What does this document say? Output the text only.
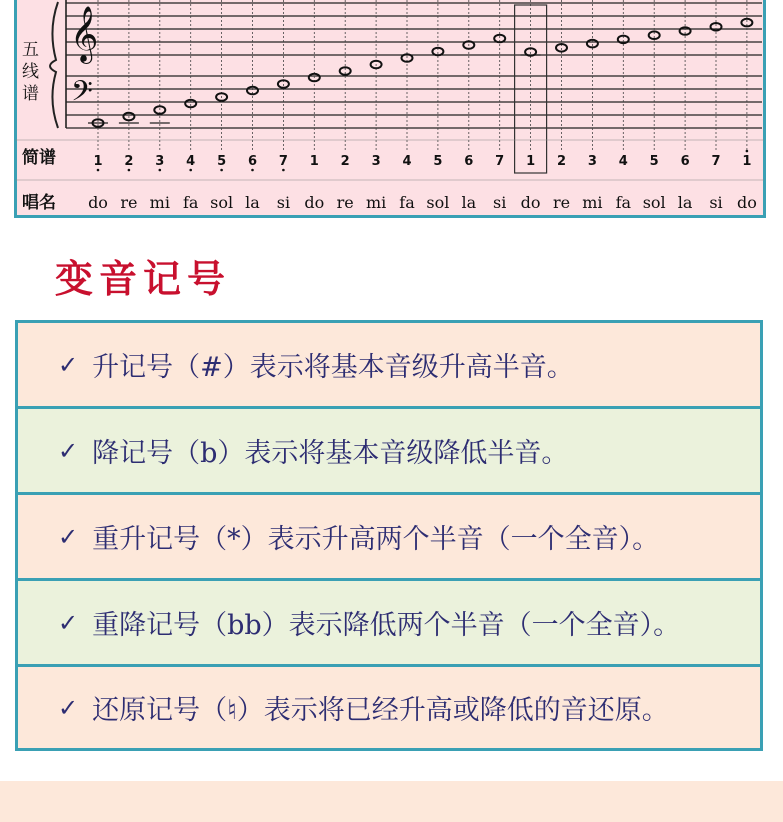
𝄞
𝄢
五
线
谱
简谱
唱名
1
do
2
re
3
mi
4
fa
5
sol
6
la
7
si
1
do
2
re
3
mi
4
fa
5
sol
6
la
7
si
1
do
2
re
3
mi
4
fa
5
sol
6
la
7
si
1
do
变音记号
✓ 升记号（#）表示将基本音级升高半音。
✓ 降记号（b）表示将基本音级降低半音。
✓ 重升记号（*）表示升高两个半音（一个全音）。
✓ 重降记号（bb）表示降低两个半音（一个全音）。
✓ 还原记号（♮）表示将已经升高或降低的音还原。
